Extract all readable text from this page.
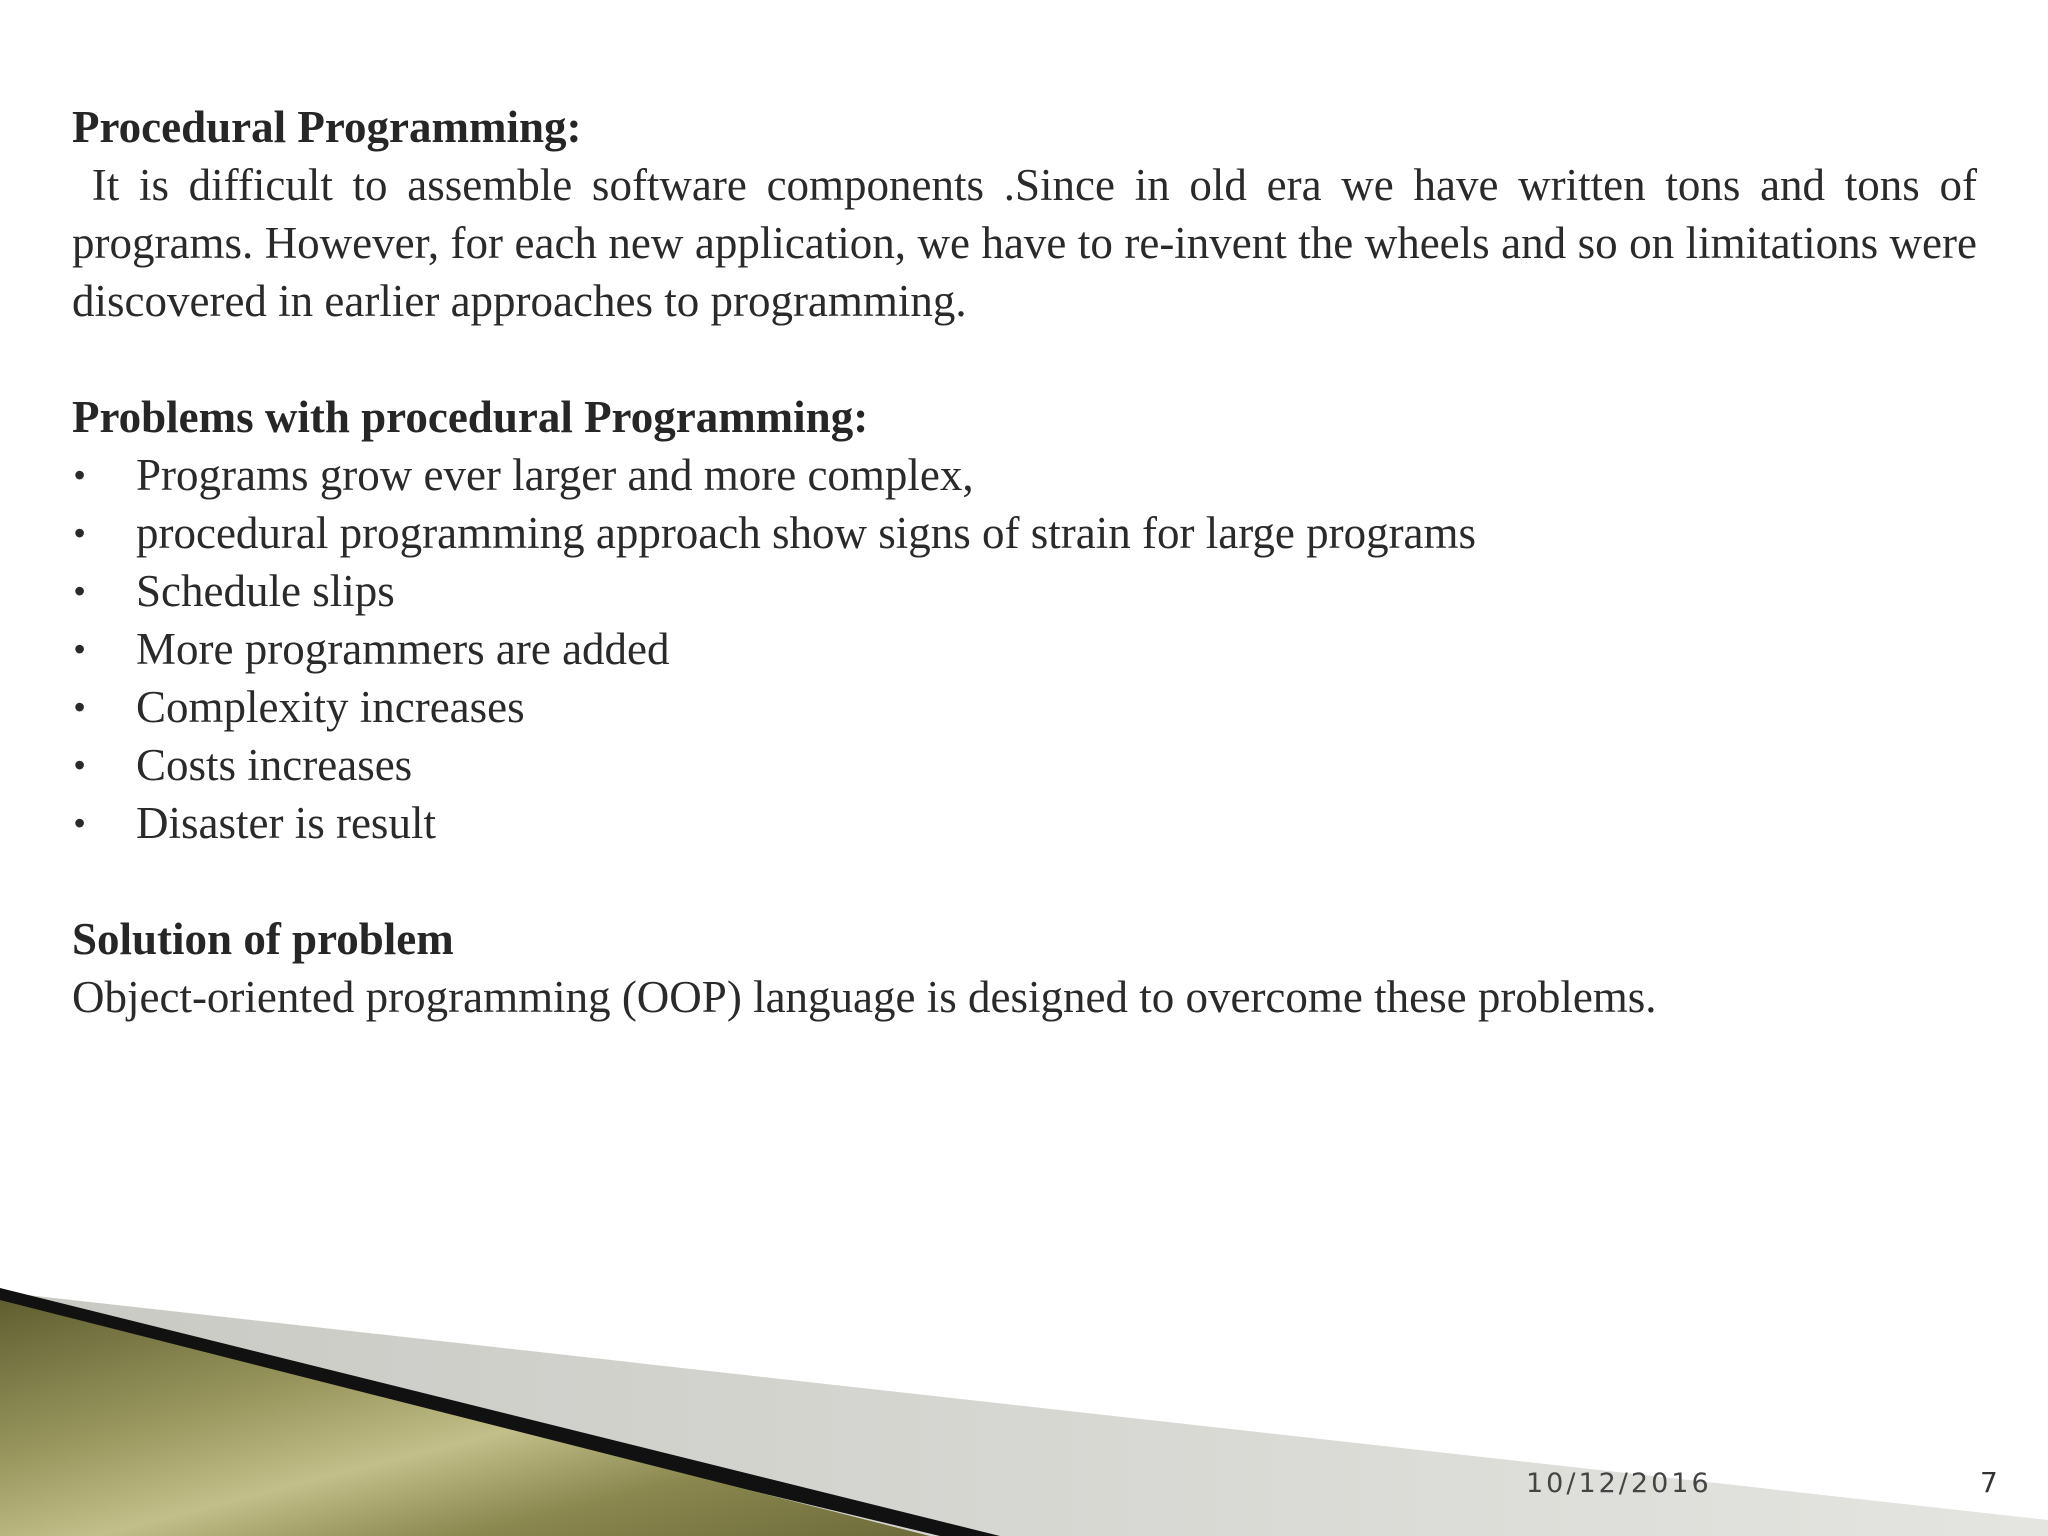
Procedural Programming:

It is difficult to assemble software components .Since in old era we have written tons and tons of programs. However, for each new application, we have to re-invent the wheels and so on limitations were discovered in earlier approaches to programming.

Problems with procedural Programming:

• Programs grow ever larger and more complex,
• procedural programming approach show signs of strain for large programs
• Schedule slips
• More programmers are added
• Complexity increases
• Costs increases
• Disaster is result

Solution of problem

Object-oriented programming (OOP) language is designed to overcome these problems.

10/12/2016	7
